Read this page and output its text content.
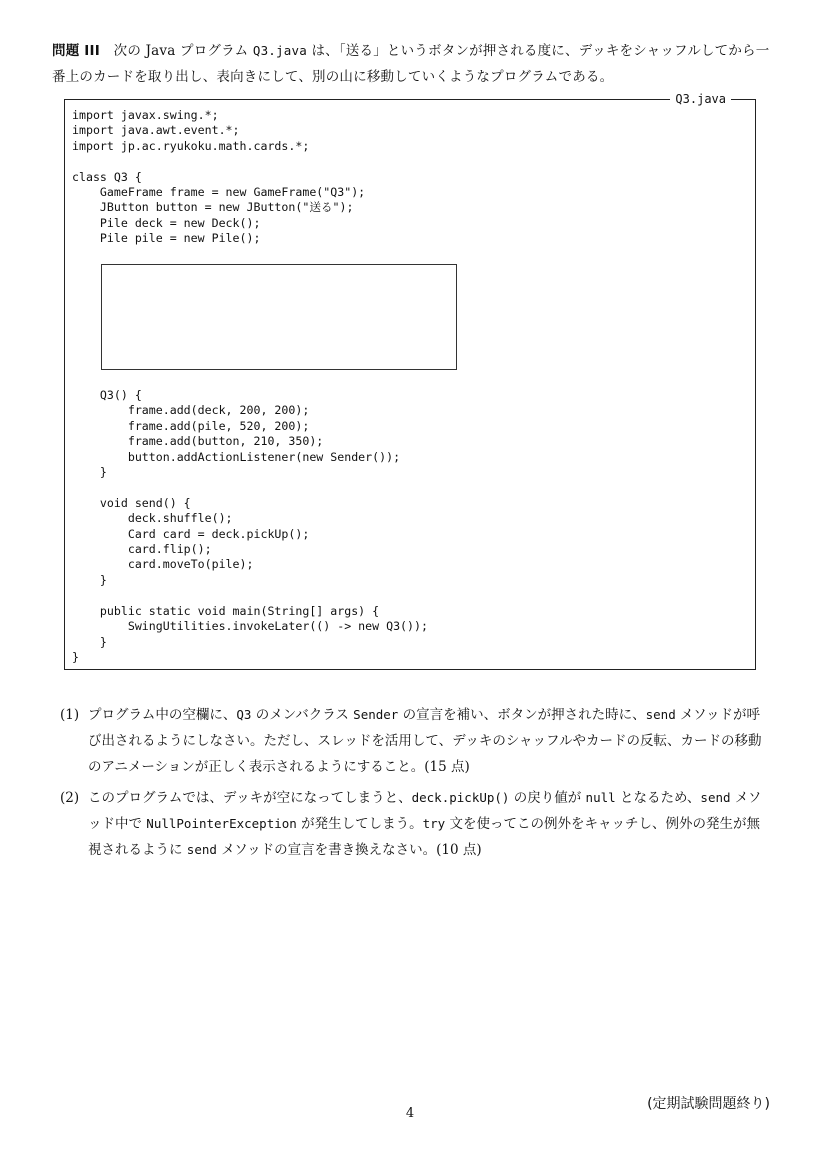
問題 III　 次の Java プログラム Q3.java は、「送る」というボタンが押される度に、デッキをシャッフルしてから一番上のカードを取り出し、表向きにして、別の山に移動していくようなプログラムである。
Q3.java
import javax.swing.*;
import java.awt.event.*;
import jp.ac.ryukoku.math.cards.*;

class Q3 {
GameFrame frame = new GameFrame("Q3");
JButton button = new JButton("送る");
Pile deck = new Deck();
Pile pile = new Pile();
Q3() {
frame.add(deck, 200, 200);
frame.add(pile, 520, 200);
frame.add(button, 210, 350);
button.addActionListener(new Sender());
}

void send() {
deck.shuffle();
Card card = deck.pickUp();
card.flip();
card.moveTo(pile);
}

public static void main(String[] args) {
SwingUtilities.invokeLater(() -> new Q3());
}
}
(1) プログラム中の空欄に、Q3 のメンバクラス Sender の宣言を補い、ボタンが押された時に、send メソッドが呼び出されるようにしなさい。ただし、スレッドを活用して、デッキのシャッフルやカードの反転、カードの移動のアニメーションが正しく表示されるようにすること。(15 点)
(2) このプログラムでは、デッキが空になってしまうと、deck.pickUp() の戻り値が null となるため、send メソッド中で NullPointerException が発生してしまう。try 文を使ってこの例外をキャッチし、例外の発生が無視されるように send メソッドの宣言を書き換えなさい。(10 点)
(定期試験問題終り)
4
